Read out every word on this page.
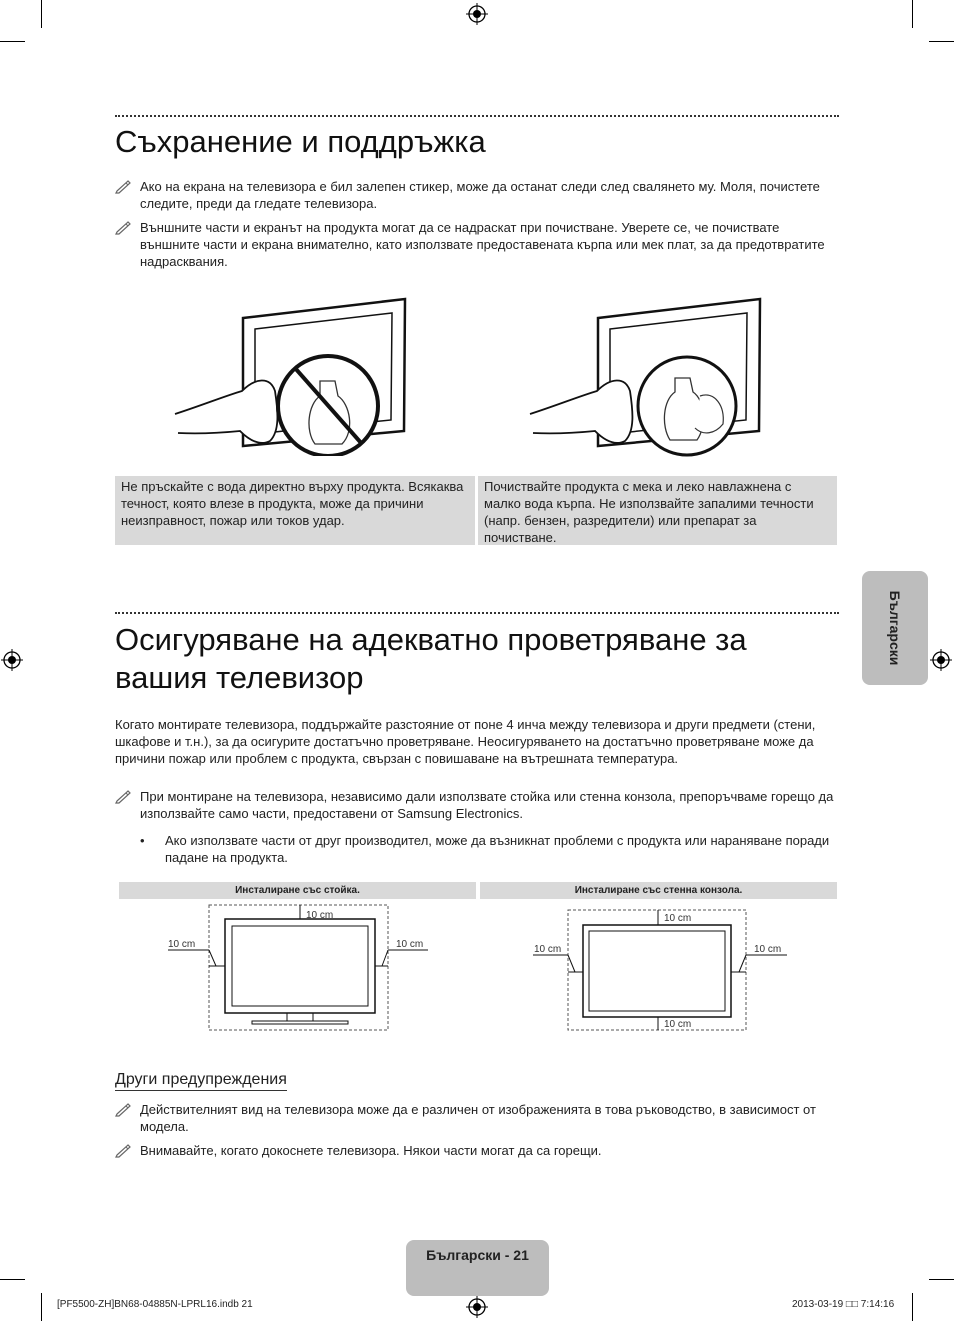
Съхранение и поддръжка
Ако на екрана на телевизора е бил залепен стикер, може да останат следи след свалянето му. Моля, почистете следите, преди да гледате телевизора.
Външните части и екранът на продукта могат да се надраскат при почистване. Уверете се, че почиствате външните части и екрана внимателно, като използвате предоставената кърпа или мек плат, за да предотвратите надрасквания.
Не пръскайте с вода директно върху продукта. Всякаква течност, която влезе в продукта, може да причини неизправност, пожар или токов удар.
Почиствайте продукта с мека и леко навлажнена с малко вода кърпа. Не използвайте запалими течности (напр. бензен, разредители) или препарат за почистване.
Осигуряване на адекватно проветряване за
вашия телевизор
Когато монтирате телевизора, поддържайте разстояние от поне 4 инча между телевизора и други предмети (стени, шкафове и т.н.), за да осигурите достатъчно проветряване. Неосигуряването на достатъчно проветряване може да причини пожар или проблем с продукта, свързан с повишаване на вътрешната температура.
При монтиране на телевизора, независимо дали използвате стойка или стенна конзола, препоръчваме горещо да използвайте само части, предоставени от Samsung Electronics.
• Ако използвате части от друг производител, може да възникнат проблеми с продукта или нараняване поради падане на продукта.
Инсталиране със стойка.	Инсталиране със стенна конзола.
10 cm
10 cm	10 cm
10 cm
10 cm
10 cm	10 cm
Други предупреждения
Действителният вид на телевизора може да е различен от изображенията в това ръководство, в зависимост от модела.
Внимавайте, когато докоснете телевизора. Някои части могат да са горещи.
Български
Български - 21
[PF5500-ZH]BN68-04885N-LPRL16.indb 21	2013-03-19 □□ 7:14:16
